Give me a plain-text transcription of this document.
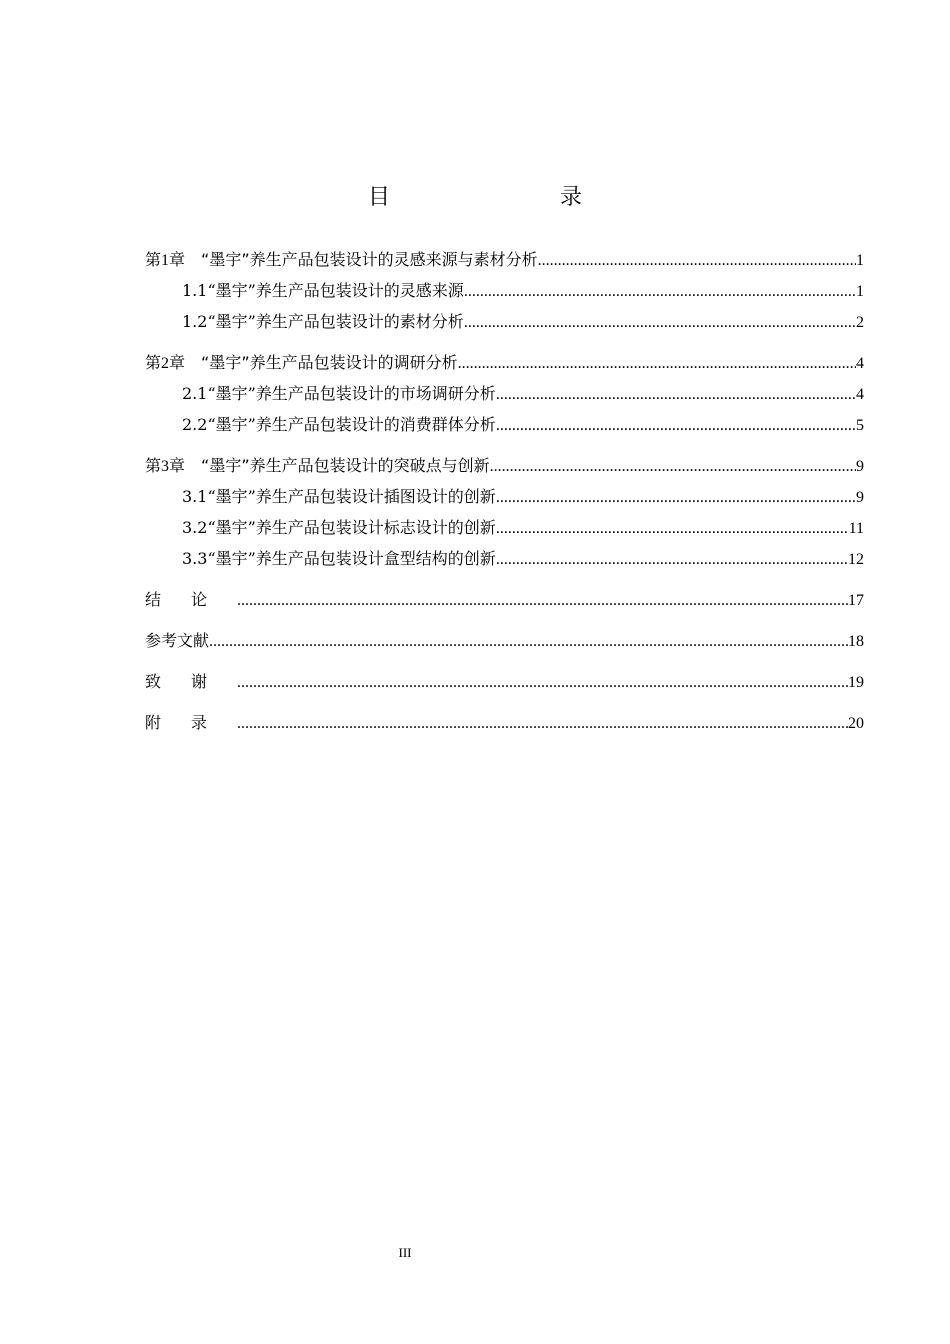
目　　录
第1章　“墨宇”养生产品包装设计的灵感来源与素材分析 .....	1
1.1“墨宇”养生产品包装设计的灵感来源 .....	1
1.2“墨宇”养生产品包装设计的素材分析 .....	2
第2章　“墨宇”养生产品包装设计的调研分析 .....	4
2.1“墨宇”养生产品包装设计的市场调研分析 .....	4
2.2“墨宇”养生产品包装设计的消费群体分析 .....	5
第3章　“墨宇”养生产品包装设计的突破点与创新 .....	9
3.1“墨宇”养生产品包装设计插图设计的创新 .....	9
3.2“墨宇”养生产品包装设计标志设计的创新 .....	11
3.3“墨宇”养生产品包装设计盒型结构的创新 .....	12
结论 .....	17
参考文献 .....	18
致谢 .....	19
附录 .....	20
III
